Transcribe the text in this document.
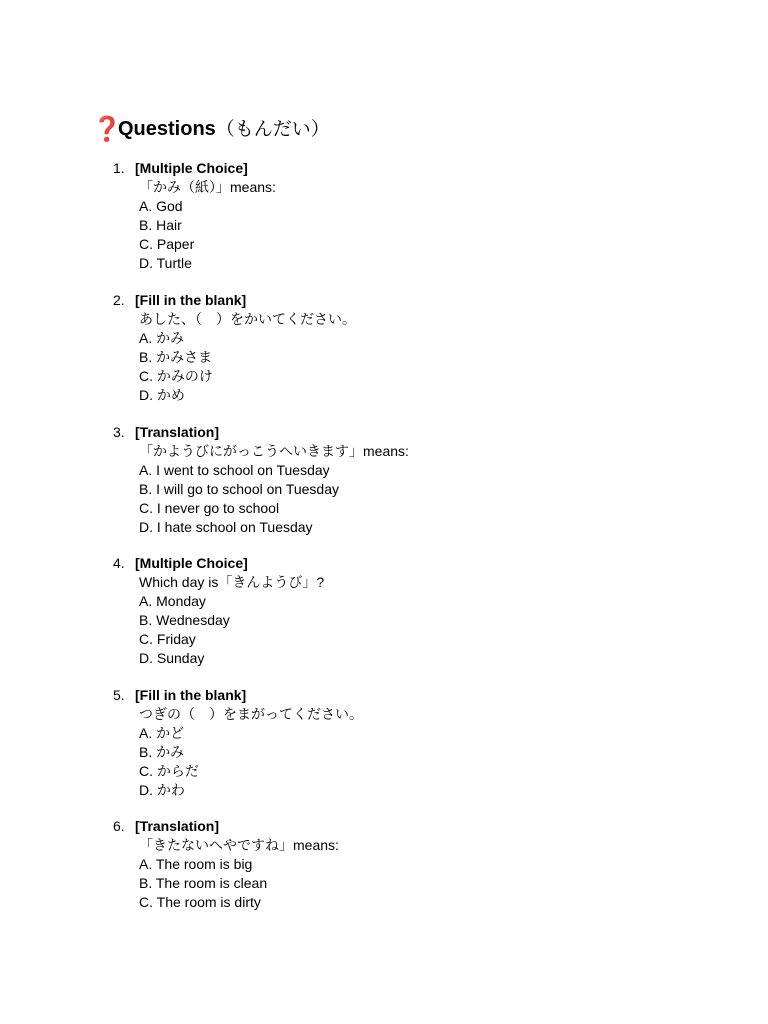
❓
Questions （もんだい）
1. [Multiple Choice]
「かみ（紙）」means:
A. God
B. Hair
C. Paper
D. Turtle
2. [Fill in the blank]
あした、（　）をかいてください。
A. かみ
B. かみさま
C. かみのけ
D. かめ
3. [Translation]
「かようびにがっこうへいきます」means:
A. I went to school on Tuesday
B. I will go to school on Tuesday
C. I never go to school
D. I hate school on Tuesday
4. [Multiple Choice]
Which day is「きんようび」?
A. Monday
B. Wednesday
C. Friday
D. Sunday
5. [Fill in the blank]
つぎの（　）をまがってください。
A. かど
B. かみ
C. からだ
D. かわ
6. [Translation]
「きたないへやですね」means:
A. The room is big
B. The room is clean
C. The room is dirty
